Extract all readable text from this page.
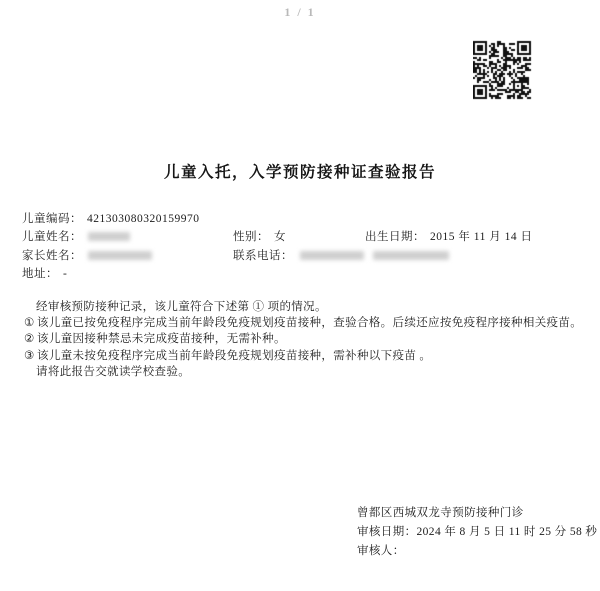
1 / 1
儿童入托，入学预防接种证查验报告
儿童编码： 421303080320159970
儿童姓名：	性别： 女	出生日期： 2015 年 11 月 14 日
家长姓名：	联系电话：
地址： -
经审核预防接种记录，该儿童符合下述第 ① 项的情况。
① 该儿童已按免疫程序完成当前年龄段免疫规划疫苗接种，查验合格。后续还应按免疫程序接种相关疫苗。
② 该儿童因接种禁忌未完成疫苗接种，无需补种。
③ 该儿童未按免疫程序完成当前年龄段免疫规划疫苗接种，需补种以下疫苗 。
请将此报告交就读学校查验。
曾都区西城双龙寺预防接种门诊
审核日期：2024 年 8 月 5 日 11 时 25 分 58 秒
审核人：
